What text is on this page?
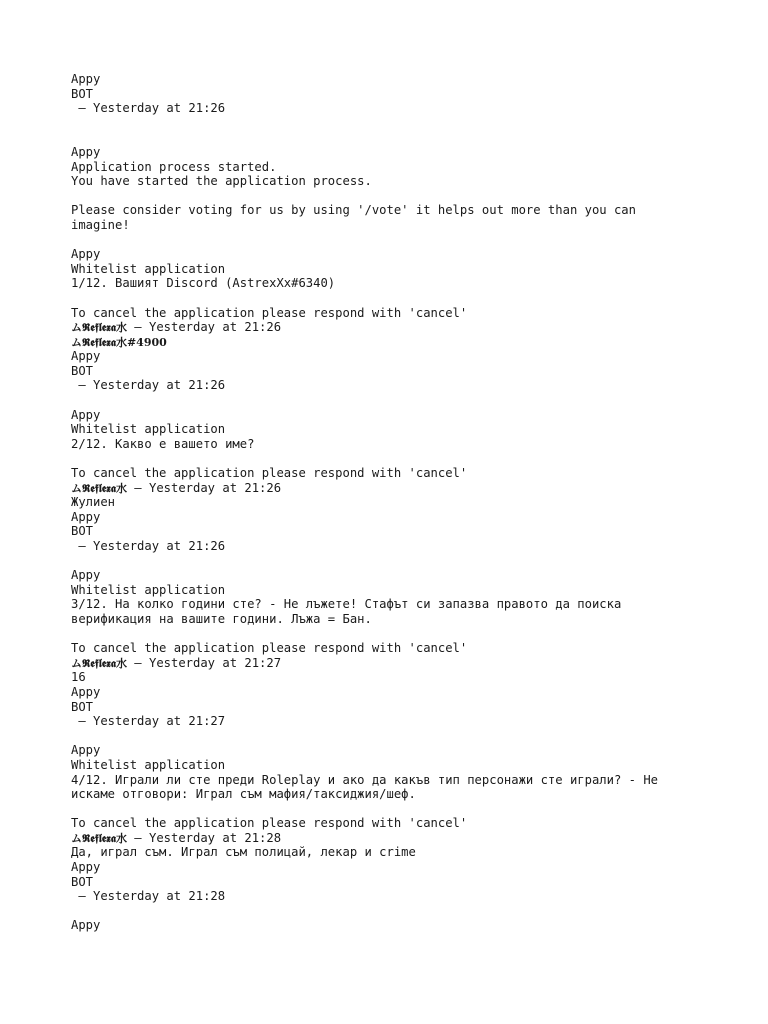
Appy
BOT
— Yesterday at 21:26
Appy
Application process started.
You have started the application process.
Please consider voting for us by using '/vote' it helps out more than you can imagine!
Appy
Whitelist application
1/12. Вашият Discord (AstrexXx#6340)
To cancel the application please respond with 'cancel'
ム𝕽𝖊𝖋𝖑𝖊𝖝𝖆水 — Yesterday at 21:26
ム𝕽𝖊𝖋𝖑𝖊𝖝𝖆水#4900
Appy
BOT
— Yesterday at 21:26
Appy
Whitelist application
2/12. Какво е вашето име?
To cancel the application please respond with 'cancel'
ム𝕽𝖊𝖋𝖑𝖊𝖝𝖆水 — Yesterday at 21:26
Жулиен
Appy
BOT
— Yesterday at 21:26
Appy
Whitelist application
3/12. На колко години сте? - Не лъжете! Стафът си запазва правото да поиска верификация на вашите години. Лъжа = Бан.
To cancel the application please respond with 'cancel'
ム𝕽𝖊𝖋𝖑𝖊𝖝𝖆水 — Yesterday at 21:27
16
Appy
BOT
— Yesterday at 21:27
Appy
Whitelist application
4/12. Играли ли сте преди Roleplay и ако да какъв тип персонажи сте играли? - Не искаме отговори: Играл съм мафия/таксиджия/шеф.
To cancel the application please respond with 'cancel'
ム𝕽𝖊𝖋𝖑𝖊𝖝𝖆水 — Yesterday at 21:28
Да, играл съм. Играл съм полицай, лекар и crime
Appy
BOT
— Yesterday at 21:28
Appy
